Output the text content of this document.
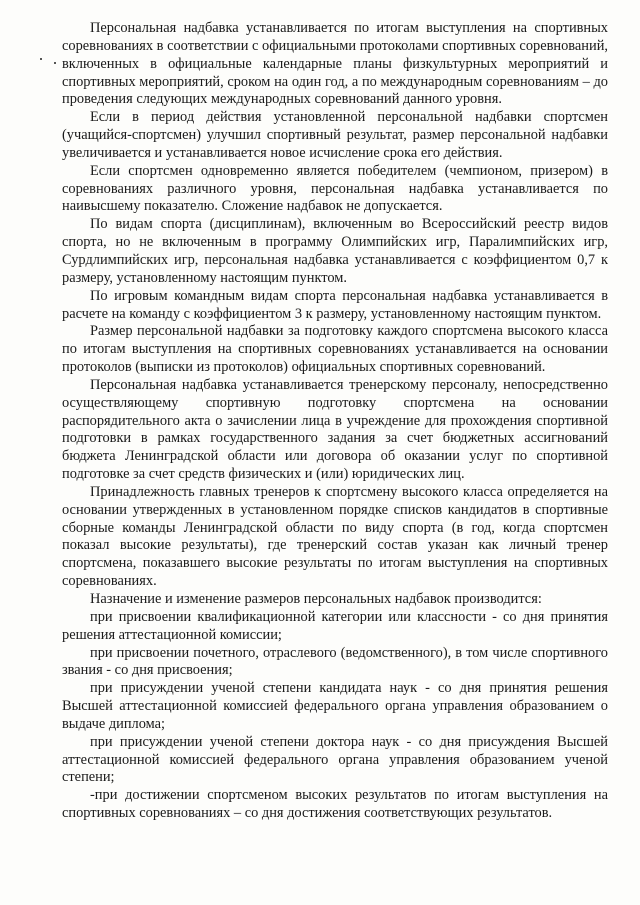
Персональная надбавка устанавливается по итогам выступления на спортивных соревнованиях в соответствии с официальными протоколами спортивных соревнований, включенных в официальные календарные планы физкультурных мероприятий и спортивных мероприятий, сроком на один год, а по международным соревнованиям – до проведения следующих международных соревнований данного уровня.

Если в период действия установленной персональной надбавки спортсмен (учащийся-спортсмен) улучшил спортивный результат, размер персональной надбавки увеличивается и устанавливается новое исчисление срока его действия.

Если спортсмен одновременно является победителем (чемпионом, призером) в соревнованиях различного уровня, персональная надбавка устанавливается по наивысшему показателю. Сложение надбавок не допускается.

По видам спорта (дисциплинам), включенным во Всероссийский реестр видов спорта, но не включенным в программу Олимпийских игр, Паралимпийских игр, Сурдлимпийских игр, персональная надбавка устанавливается с коэффициентом 0,7 к размеру, установленному настоящим пунктом.

По игровым командным видам спорта персональная надбавка устанавливается в расчете на команду с коэффициентом 3 к размеру, установленному настоящим пунктом.

Размер персональной надбавки за подготовку каждого спортсмена высокого класса по итогам выступления на спортивных соревнованиях устанавливается на основании протоколов (выписки из протоколов) официальных спортивных соревнований.

Персональная надбавка устанавливается тренерскому персоналу, непосредственно осуществляющему спортивную подготовку спортсмена на основании распорядительного акта о зачислении лица в учреждение для прохождения спортивной подготовки в рамках государственного задания за счет бюджетных ассигнований бюджета Ленинградской области или договора об оказании услуг по спортивной подготовке за счет средств физических и (или) юридических лиц.

Принадлежность главных тренеров к спортсмену высокого класса определяется на основании утвержденных в установленном порядке списков кандидатов в спортивные сборные команды Ленинградской области по виду спорта (в год, когда спортсмен показал высокие результаты), где тренерский состав указан как личный тренер спортсмена, показавшего высокие результаты по итогам выступления на спортивных соревнованиях.

Назначение и изменение размеров персональных надбавок производится:

при присвоении квалификационной категории или классности - со дня принятия решения аттестационной комиссии;

при присвоении почетного, отраслевого (ведомственного), в том числе спортивного звания - со дня присвоения;

при присуждении ученой степени кандидата наук - со дня принятия решения Высшей аттестационной комиссией федерального органа управления образованием о выдаче диплома;

при присуждении ученой степени доктора наук - со дня присуждения Высшей аттестационной комиссией федерального органа управления образованием ученой степени;

-при достижении спортсменом высоких результатов по итогам выступления на спортивных соревнованиях – со дня достижения соответствующих результатов.
